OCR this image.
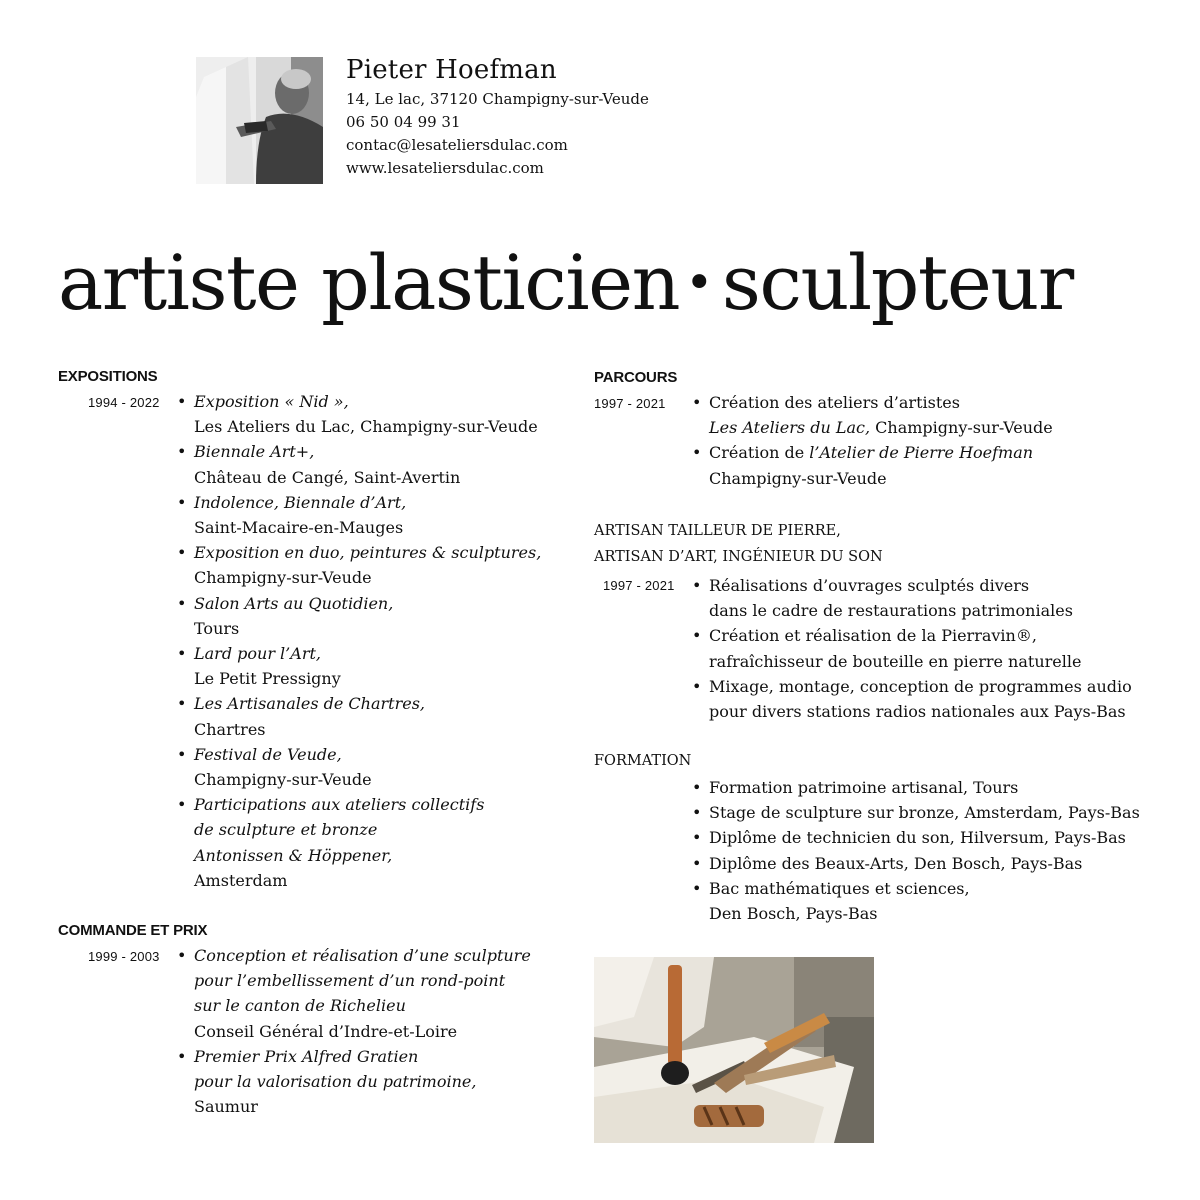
Pieter Hoefman
14, Le lac, 37120 Champigny-sur-Veude
06 50 04 99 31
contac@lesateliersdulac.com
www.lesateliersdulac.com
artiste plasticien • sculpteur
EXPOSITIONS
1994 - 2022 • Exposition « Nid »,
Les Ateliers du Lac, Champigny-sur-Veude
• Biennale Art+,
Château de Cangé, Saint-Avertin
• Indolence, Biennale d’Art,
Saint-Macaire-en-Mauges
• Exposition en duo, peintures & sculptures,
Champigny-sur-Veude
• Salon Arts au Quotidien,
Tours
• Lard pour l’Art,
Le Petit Pressigny
• Les Artisanales de Chartres,
Chartres
• Festival de Veude,
Champigny-sur-Veude
• Participations aux ateliers collectifs
de sculpture et bronze
Antonissen & Höppener,
Amsterdam
COMMANDE ET PRIX
1999 - 2003 • Conception et réalisation d’une sculpture
pour l’embellissement d’un rond-point
sur le canton de Richelieu
Conseil Général d’Indre-et-Loire
• Premier Prix Alfred Gratien
pour la valorisation du patrimoine,
Saumur
PARCOURS
1997 - 2021	• Création des ateliers d’artistes
Les Ateliers du Lac, Champigny-sur-Veude
• Création de l’Atelier de Pierre Hoefman
Champigny-sur-Veude
ARTISAN TAILLEUR DE PIERRE,
ARTISAN D’ART, INGÉNIEUR DU SON
1997 - 2021 • Réalisations d’ouvrages sculptés divers
dans le cadre de restaurations patrimoniales
• Création et réalisation de la Pierravin®,
rafraîchisseur de bouteille en pierre naturelle
• Mixage, montage, conception de programmes audio
pour divers stations radios nationales aux Pays-Bas
FORMATION
• Formation patrimoine artisanal, Tours
• Stage de sculpture sur bronze, Amsterdam, Pays-Bas
• Diplôme de technicien du son, Hilversum, Pays-Bas
• Diplôme des Beaux-Arts, Den Bosch, Pays-Bas
• Bac mathématiques et sciences,
Den Bosch, Pays-Bas
